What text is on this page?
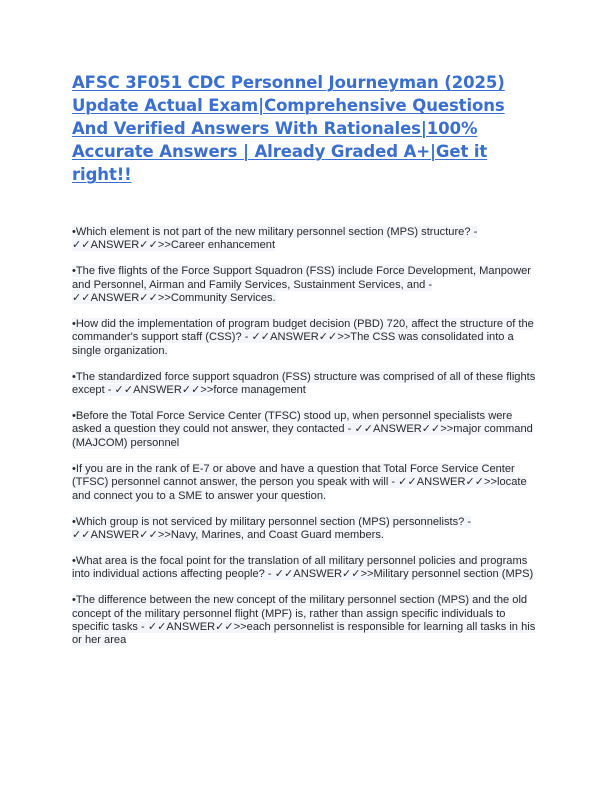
AFSC 3F051 CDC Personnel Journeyman (2025) Update Actual Exam|Comprehensive Questions And Verified Answers With Rationales|100% Accurate Answers | Already Graded A+|Get it right!!

•Which element is not part of the new military personnel section (MPS) structure? - ✓✓ANSWER✓✓>>Career enhancement

•The five flights of the Force Support Squadron (FSS) include Force Development, Manpower and Personnel, Airman and Family Services, Sustainment Services, and - ✓✓ANSWER✓✓>>Community Services.

•How did the implementation of program budget decision (PBD) 720, affect the structure of the commander's support staff (CSS)? - ✓✓ANSWER✓✓>>The CSS was consolidated into a single organization.

•The standardized force support squadron (FSS) structure was comprised of all of these flights except - ✓✓ANSWER✓✓>>force management

•Before the Total Force Service Center (TFSC) stood up, when personnel specialists were asked a question they could not answer, they contacted - ✓✓ANSWER✓✓>>major command (MAJCOM) personnel

•If you are in the rank of E-7 or above and have a question that Total Force Service Center (TFSC) personnel cannot answer, the person you speak with will - ✓✓ANSWER✓✓>>locate and connect you to a SME to answer your question.

•Which group is not serviced by military personnel section (MPS) personnelists? - ✓✓ANSWER✓✓>>Navy, Marines, and Coast Guard members.

•What area is the focal point for the translation of all military personnel policies and programs into individual actions affecting people? - ✓✓ANSWER✓✓>>Military personnel section (MPS)

•The difference between the new concept of the military personnel section (MPS) and the old concept of the military personnel flight (MPF) is, rather than assign specific individuals to specific tasks - ✓✓ANSWER✓✓>>each personnelist is responsible for learning all tasks in his or her area
